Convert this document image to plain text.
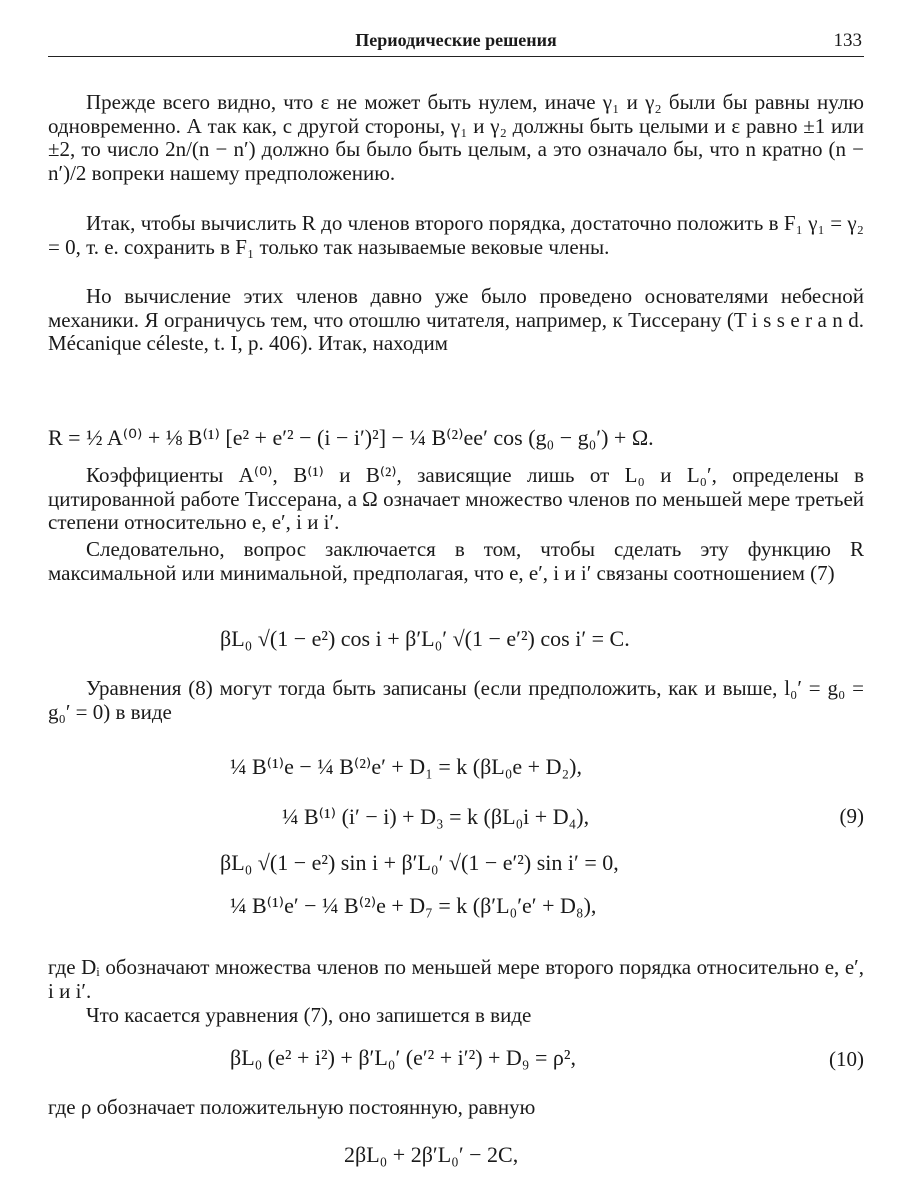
Периодические решения	133

Прежде всего видно, что ε не может быть нулем, иначе γ₁ и γ₂ были бы равны нулю одновременно. А так как, с другой стороны, γ₁ и γ₂ должны быть целыми и ε равно ±1 или ±2, то число 2n/(n − n′) должно бы было быть целым, а это означало бы, что n кратно (n − n′)/2 вопреки нашему предположению.

Итак, чтобы вычислить R до членов второго порядка, достаточно положить в F₁ γ₁ = γ₂ = 0, т. е. сохранить в F₁ только так называемые вековые члены.

Но вычисление этих членов давно уже было проведено основателями небесной механики. Я ограничусь тем, что отошлю читателя, например, к Тиссерану (T i s s e r a n d. Mécanique céleste, t. I, p. 406). Итак, находим

R = ½ A⁽⁰⁾ + ⅛ B⁽¹⁾ [e² + e′² − (i − i′)²] − ¼ B⁽²⁾ee′ cos (g₀ − g₀′) + Ω.

Коэффициенты A⁽⁰⁾, B⁽¹⁾ и B⁽²⁾, зависящие лишь от L₀ и L₀′, определены в цитированной работе Тиссерана, а Ω означает множество членов по меньшей мере третьей степени относительно e, e′, i и i′.

Следовательно, вопрос заключается в том, чтобы сделать эту функцию R максимальной или минимальной, предполагая, что e, e′, i и i′ связаны соотношением (7)

βL₀ √(1 − e²) cos i + β′L₀′ √(1 − e′²) cos i′ = C.

Уравнения (8) могут тогда быть записаны (если предположить, как и выше, l₀′ = g₀ = g₀′ = 0) в виде

¼ B⁽¹⁾e − ¼ B⁽²⁾e′ + D₁ = k (βL₀e + D₂),
¼ B⁽¹⁾ (i′ − i) + D₃ = k (βL₀i + D₄),	(9)
βL₀ √(1 − e²) sin i + β′L₀′ √(1 − e′²) sin i′ = 0,
¼ B⁽¹⁾e′ − ¼ B⁽²⁾e + D₇ = k (β′L₀′e′ + D₈),

где Dᵢ обозначают множества членов по меньшей мере второго порядка относительно e, e′, i и i′.

Что касается уравнения (7), оно запишется в виде

βL₀ (e² + i²) + β′L₀′ (e′² + i′²) + D₉ = ρ²,	(10)

где ρ обозначает положительную постоянную, равную

2βL₀ + 2β′L₀′ − 2C,
